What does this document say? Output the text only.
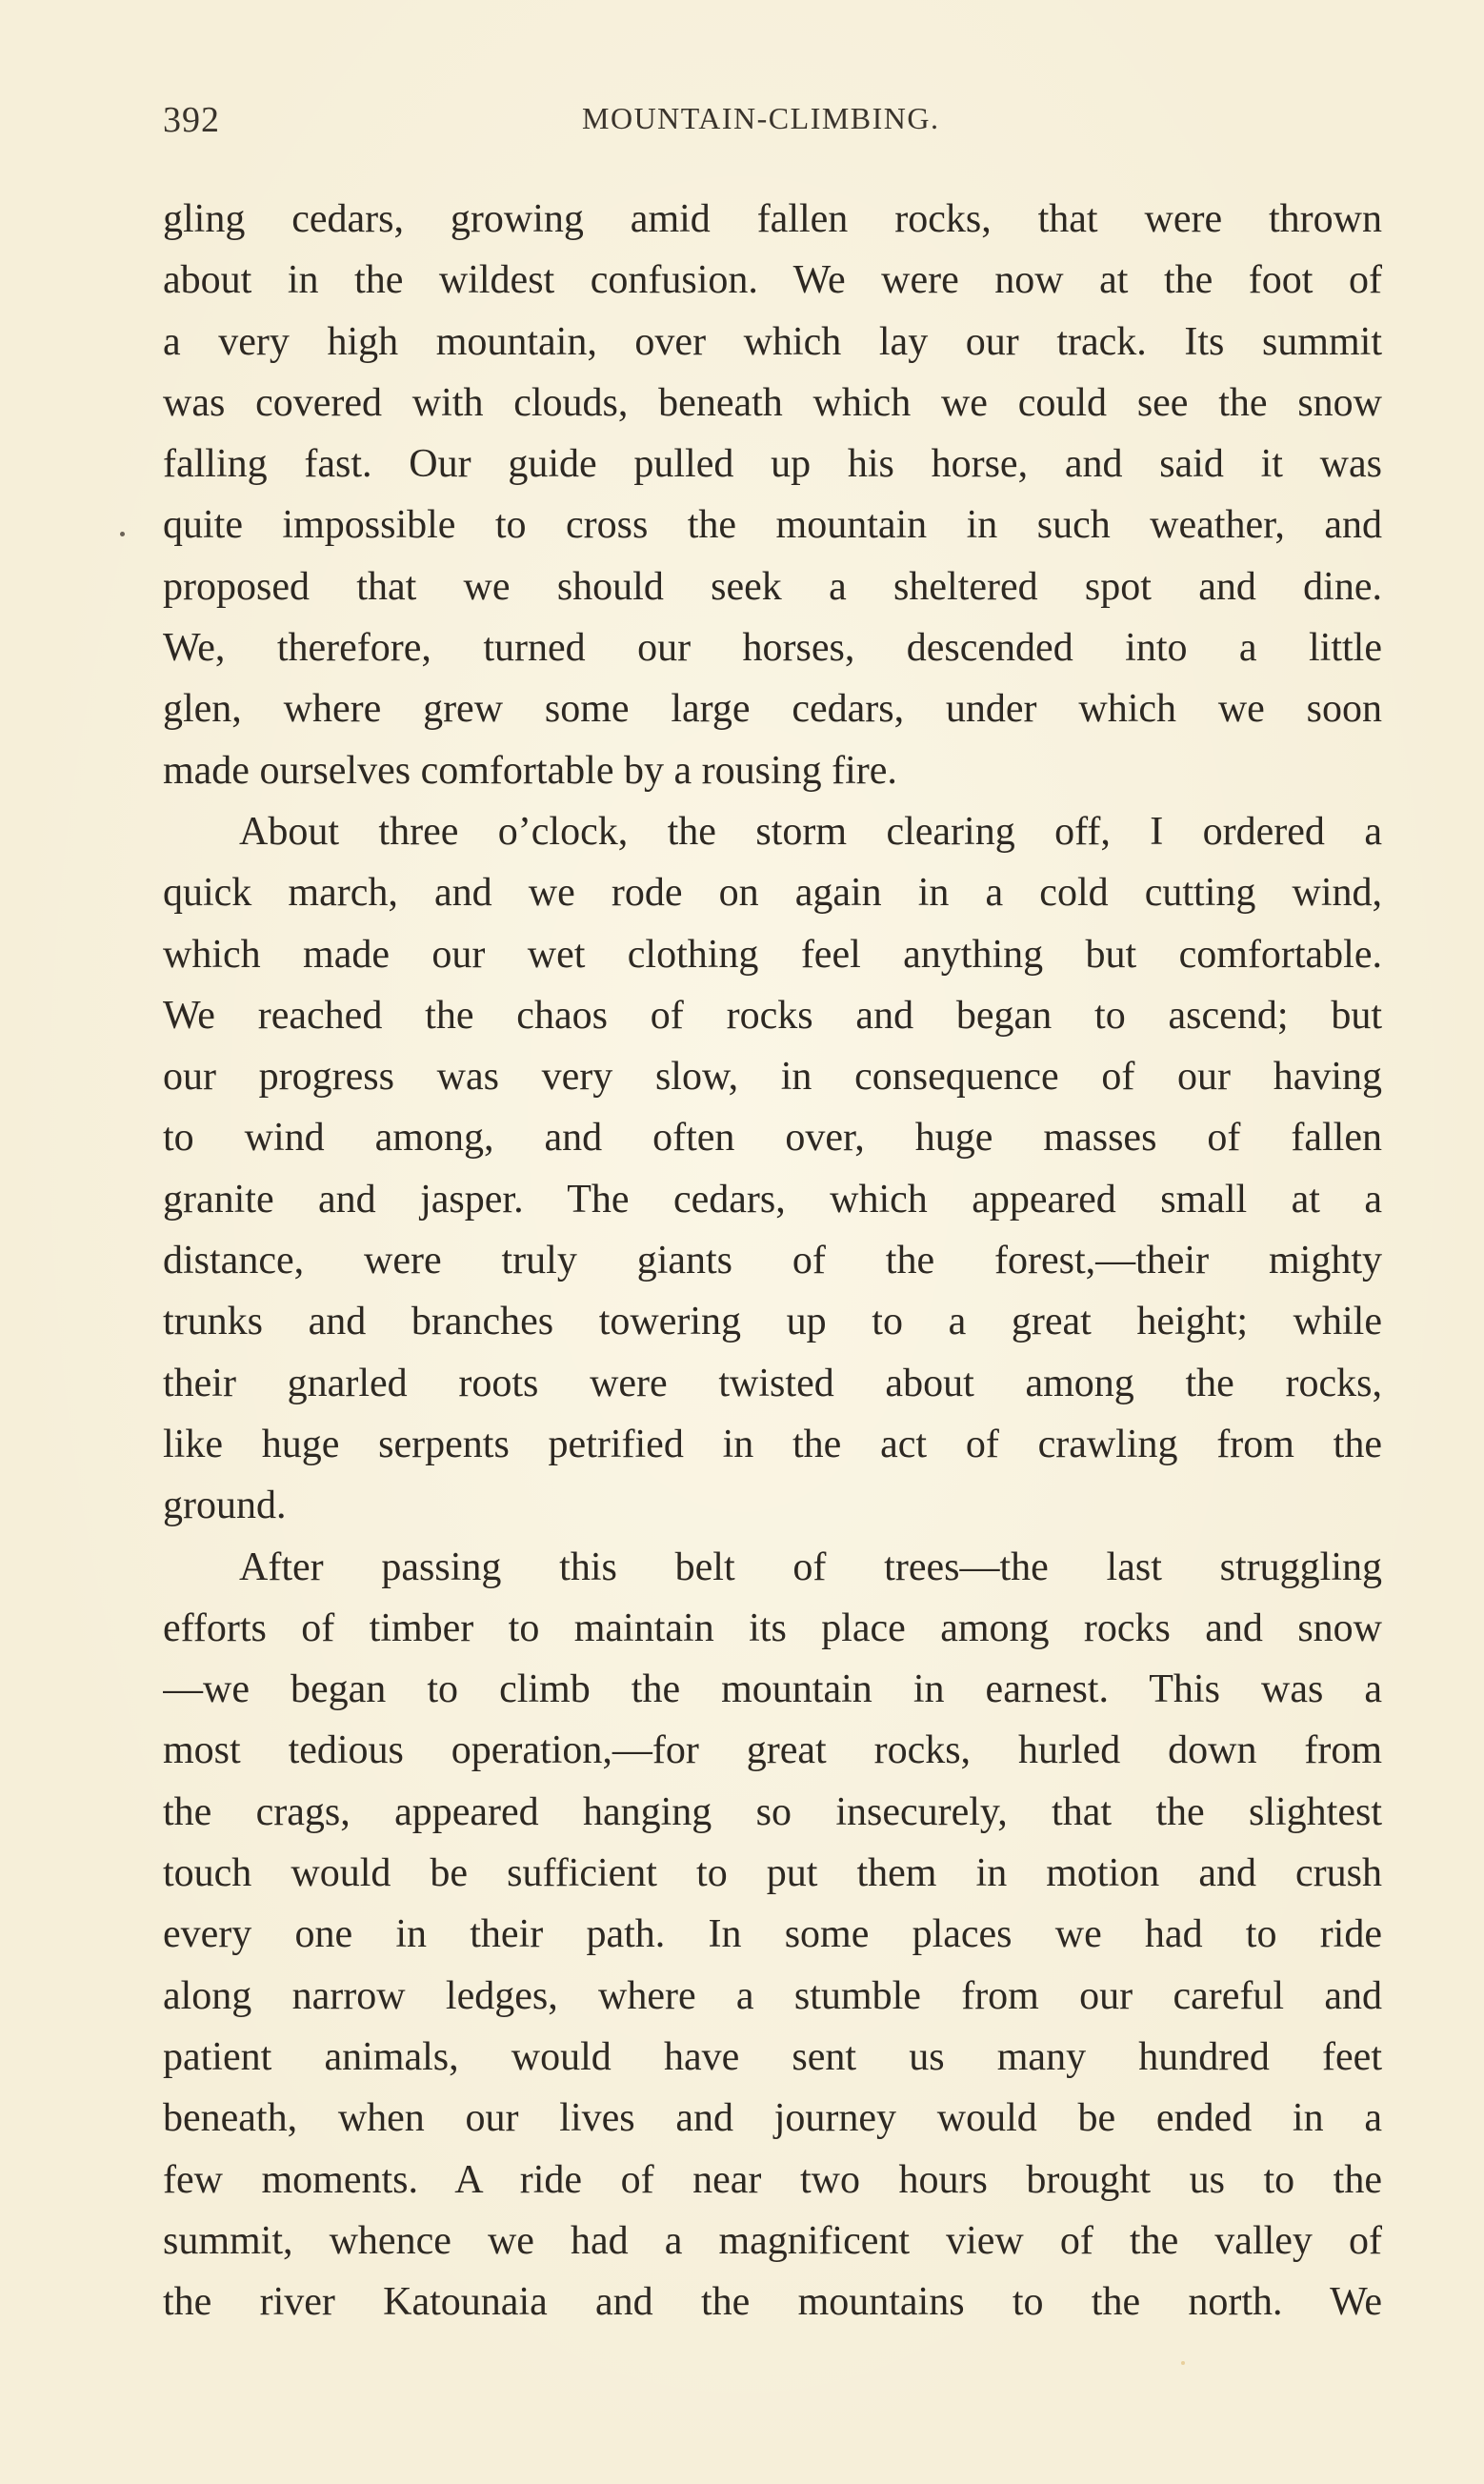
392	MOUNTAIN-CLIMBING.
gling cedars, growing amid fallen rocks, that were thrown
about in the wildest confusion. We were now at the foot of
a very high mountain, over which lay our track. Its summit
was covered with clouds, beneath which we could see the snow
falling fast. Our guide pulled up his horse, and said it was
quite impossible to cross the mountain in such weather, and
proposed that we should seek a sheltered spot and dine.
We, therefore, turned our horses, descended into a little
glen, where grew some large cedars, under which we soon
made ourselves comfortable by a rousing fire.
About three o’clock, the storm clearing off, I ordered a
quick march, and we rode on again in a cold cutting wind,
which made our wet clothing feel anything but comfortable.
We reached the chaos of rocks and began to ascend; but
our progress was very slow, in consequence of our having
to wind among, and often over, huge masses of fallen
granite and jasper. The cedars, which appeared small at a
distance, were truly giants of the forest,—their mighty
trunks and branches towering up to a great height; while
their gnarled roots were twisted about among the rocks,
like huge serpents petrified in the act of crawling from the
ground.
After passing this belt of trees—the last struggling
efforts of timber to maintain its place among rocks and snow
—we began to climb the mountain in earnest. This was a
most tedious operation,—for great rocks, hurled down from
the crags, appeared hanging so insecurely, that the slightest
touch would be sufficient to put them in motion and crush
every one in their path. In some places we had to ride
along narrow ledges, where a stumble from our careful and
patient animals, would have sent us many hundred feet
beneath, when our lives and journey would be ended in a
few moments. A ride of near two hours brought us to the
summit, whence we had a magnificent view of the valley of
the river Katounaia and the mountains to the north. We
